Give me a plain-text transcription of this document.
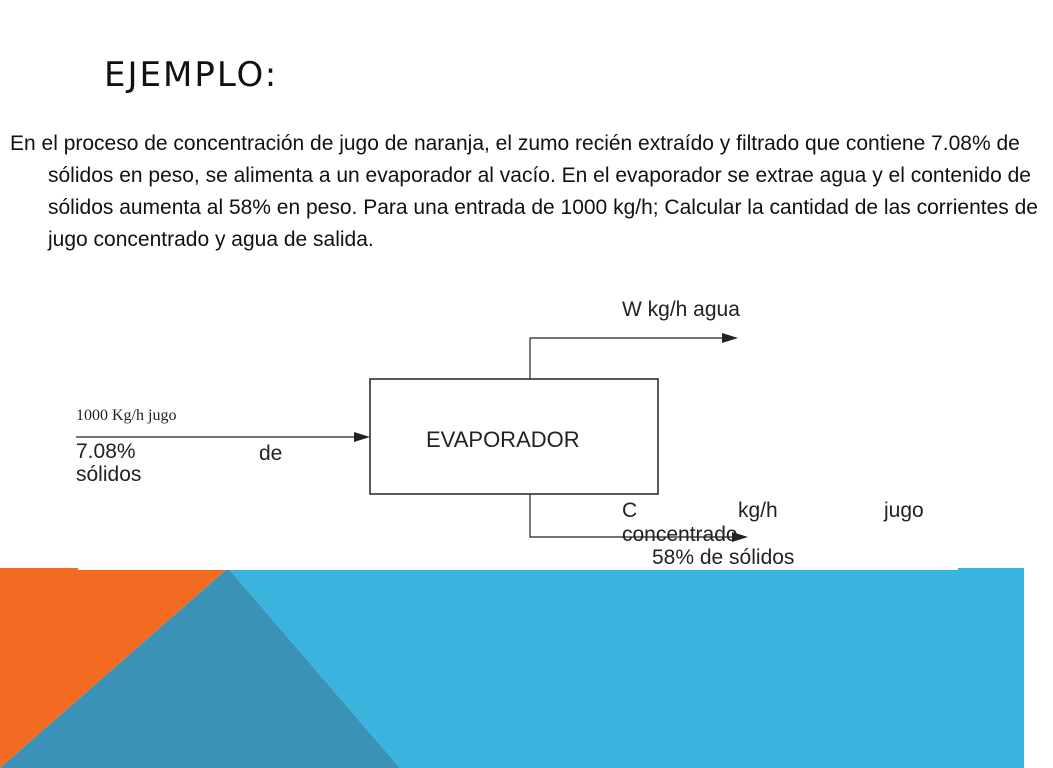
EJEMPLO:
En el proceso de concentración de jugo de naranja, el zumo recién extraído y filtrado que contiene 7.08% de sólidos en peso, se alimenta a un evaporador al vacío. En el evaporador se extrae agua y el contenido de sólidos aumenta al 58% en peso. Para una entrada de 1000 kg/h; Calcular la cantidad de las corrientes de jugo concentrado y agua de salida.
EVAPORADOR
W kg/h agua
1000 Kg/h jugo
7.08%	de
sólidos
C	kg/h	jugo
concentrado
58% de sólidos
